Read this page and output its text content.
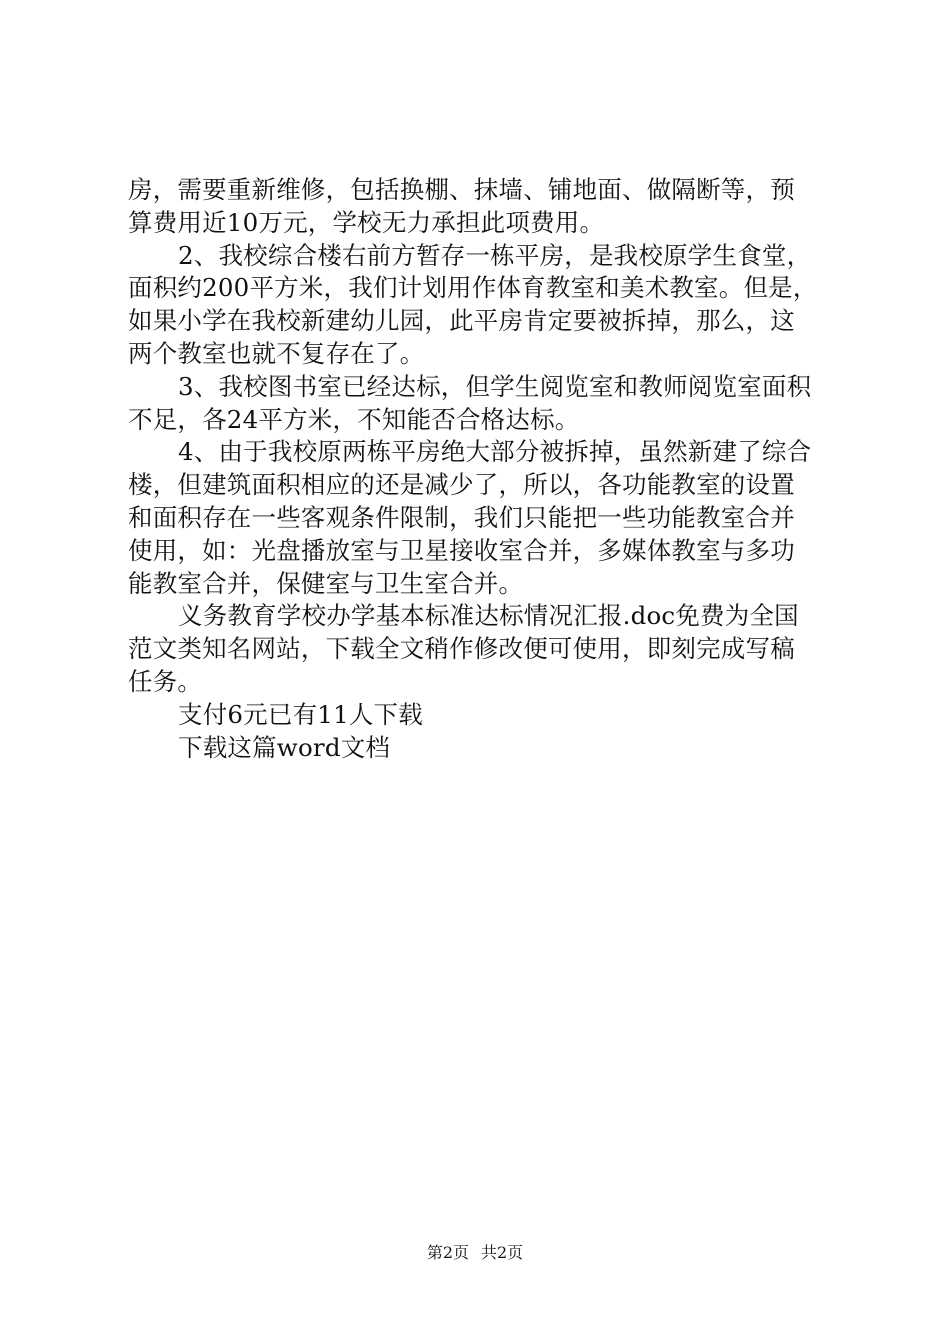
房，需要重新维修，包括换棚、抹墙、铺地面、做隔断等，预
算费用近10万元，学校无力承担此项费用。
2、我校综合楼右前方暂存一栋平房，是我校原学生食堂，
面积约200平方米，我们计划用作体育教室和美术教室。但是，
如果小学在我校新建幼儿园，此平房肯定要被拆掉，那么，这
两个教室也就不复存在了。
3、我校图书室已经达标，但学生阅览室和教师阅览室面积
不足，各24平方米，不知能否合格达标。
4、由于我校原两栋平房绝大部分被拆掉，虽然新建了综合
楼，但建筑面积相应的还是减少了，所以，各功能教室的设置
和面积存在一些客观条件限制，我们只能把一些功能教室合并
使用，如：光盘播放室与卫星接收室合并，多媒体教室与多功
能教室合并，保健室与卫生室合并。
义务教育学校办学基本标准达标情况汇报.doc免费为全国
范文类知名网站，下载全文稍作修改便可使用，即刻完成写稿
任务。
支付6元已有11人下载
下载这篇word文档
第2页 共2页
